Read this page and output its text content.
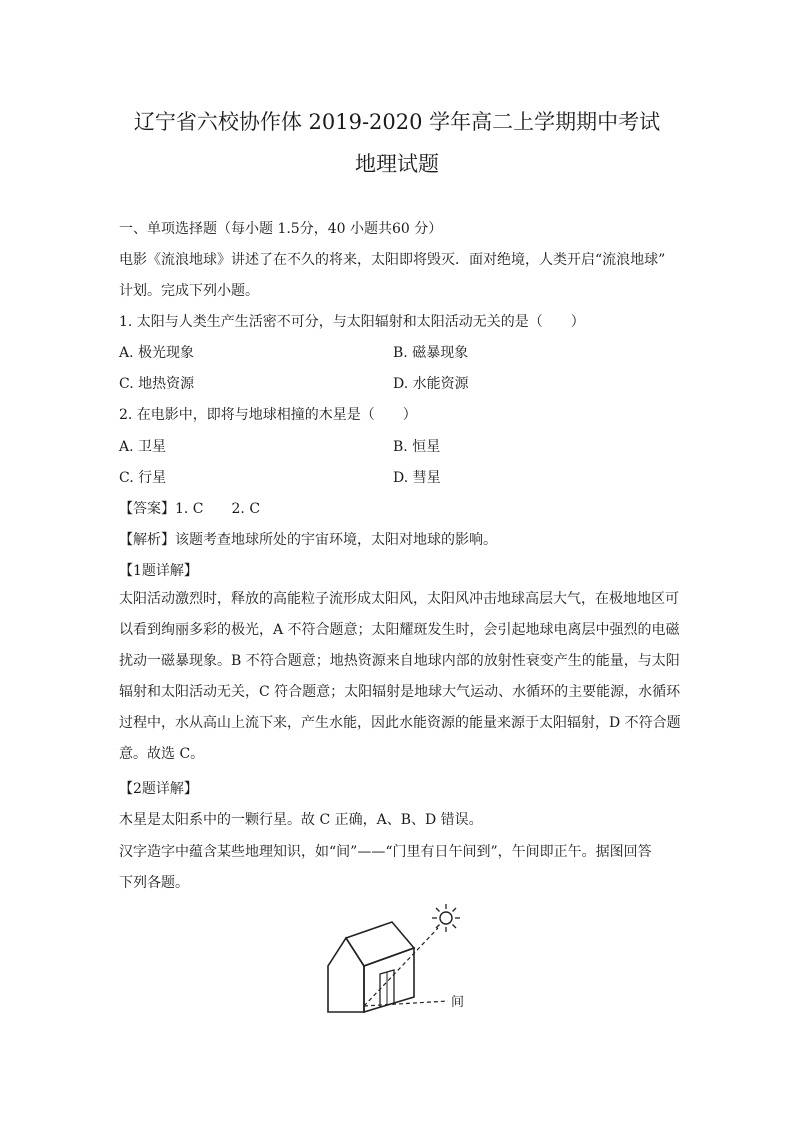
辽宁省六校协作体 2019-2020 学年高二上学期期中考试
地理试题
一、单项选择题（每小题 1.5分，40 小题共60 分）
电影《流浪地球》讲述了在不久的将来，太阳即将毁灭．面对绝境，人类开启“流浪地球”
计划。完成下列小题。
1. 太阳与人类生产生活密不可分，与太阳辐射和太阳活动无关的是（　　）
A. 极光现象	B. 磁暴现象
C. 地热资源	D. 水能资源
2. 在电影中，即将与地球相撞的木星是（　　）
A. 卫星	B. 恒星
C. 行星	D. 彗星
【答案】1. C　　2. C
【解析】该题考查地球所处的宇宙环境，太阳对地球的影响。
【1题详解】
太阳活动激烈时，释放的高能粒子流形成太阳风，太阳风冲击地球高层大气，在极地地区可
以看到绚丽多彩的极光，A 不符合题意；太阳耀斑发生时，会引起地球电离层中强烈的电磁
扰动一磁暴现象。B 不符合题意；地热资源来自地球内部的放射性衰变产生的能量，与太阳
辐射和太阳活动无关，C 符合题意；太阳辐射是地球大气运动、水循环的主要能源，水循环
过程中，水从高山上流下来，产生水能，因此水能资源的能量来源于太阳辐射，D 不符合题
意。故选 C。
【2题详解】
木星是太阳系中的一颗行星。故 C 正确，A、B、D 错误。
汉字造字中蕴含某些地理知识，如“间”——“门里有日午间到”，午间即正午。据图回答
下列各题。
间
